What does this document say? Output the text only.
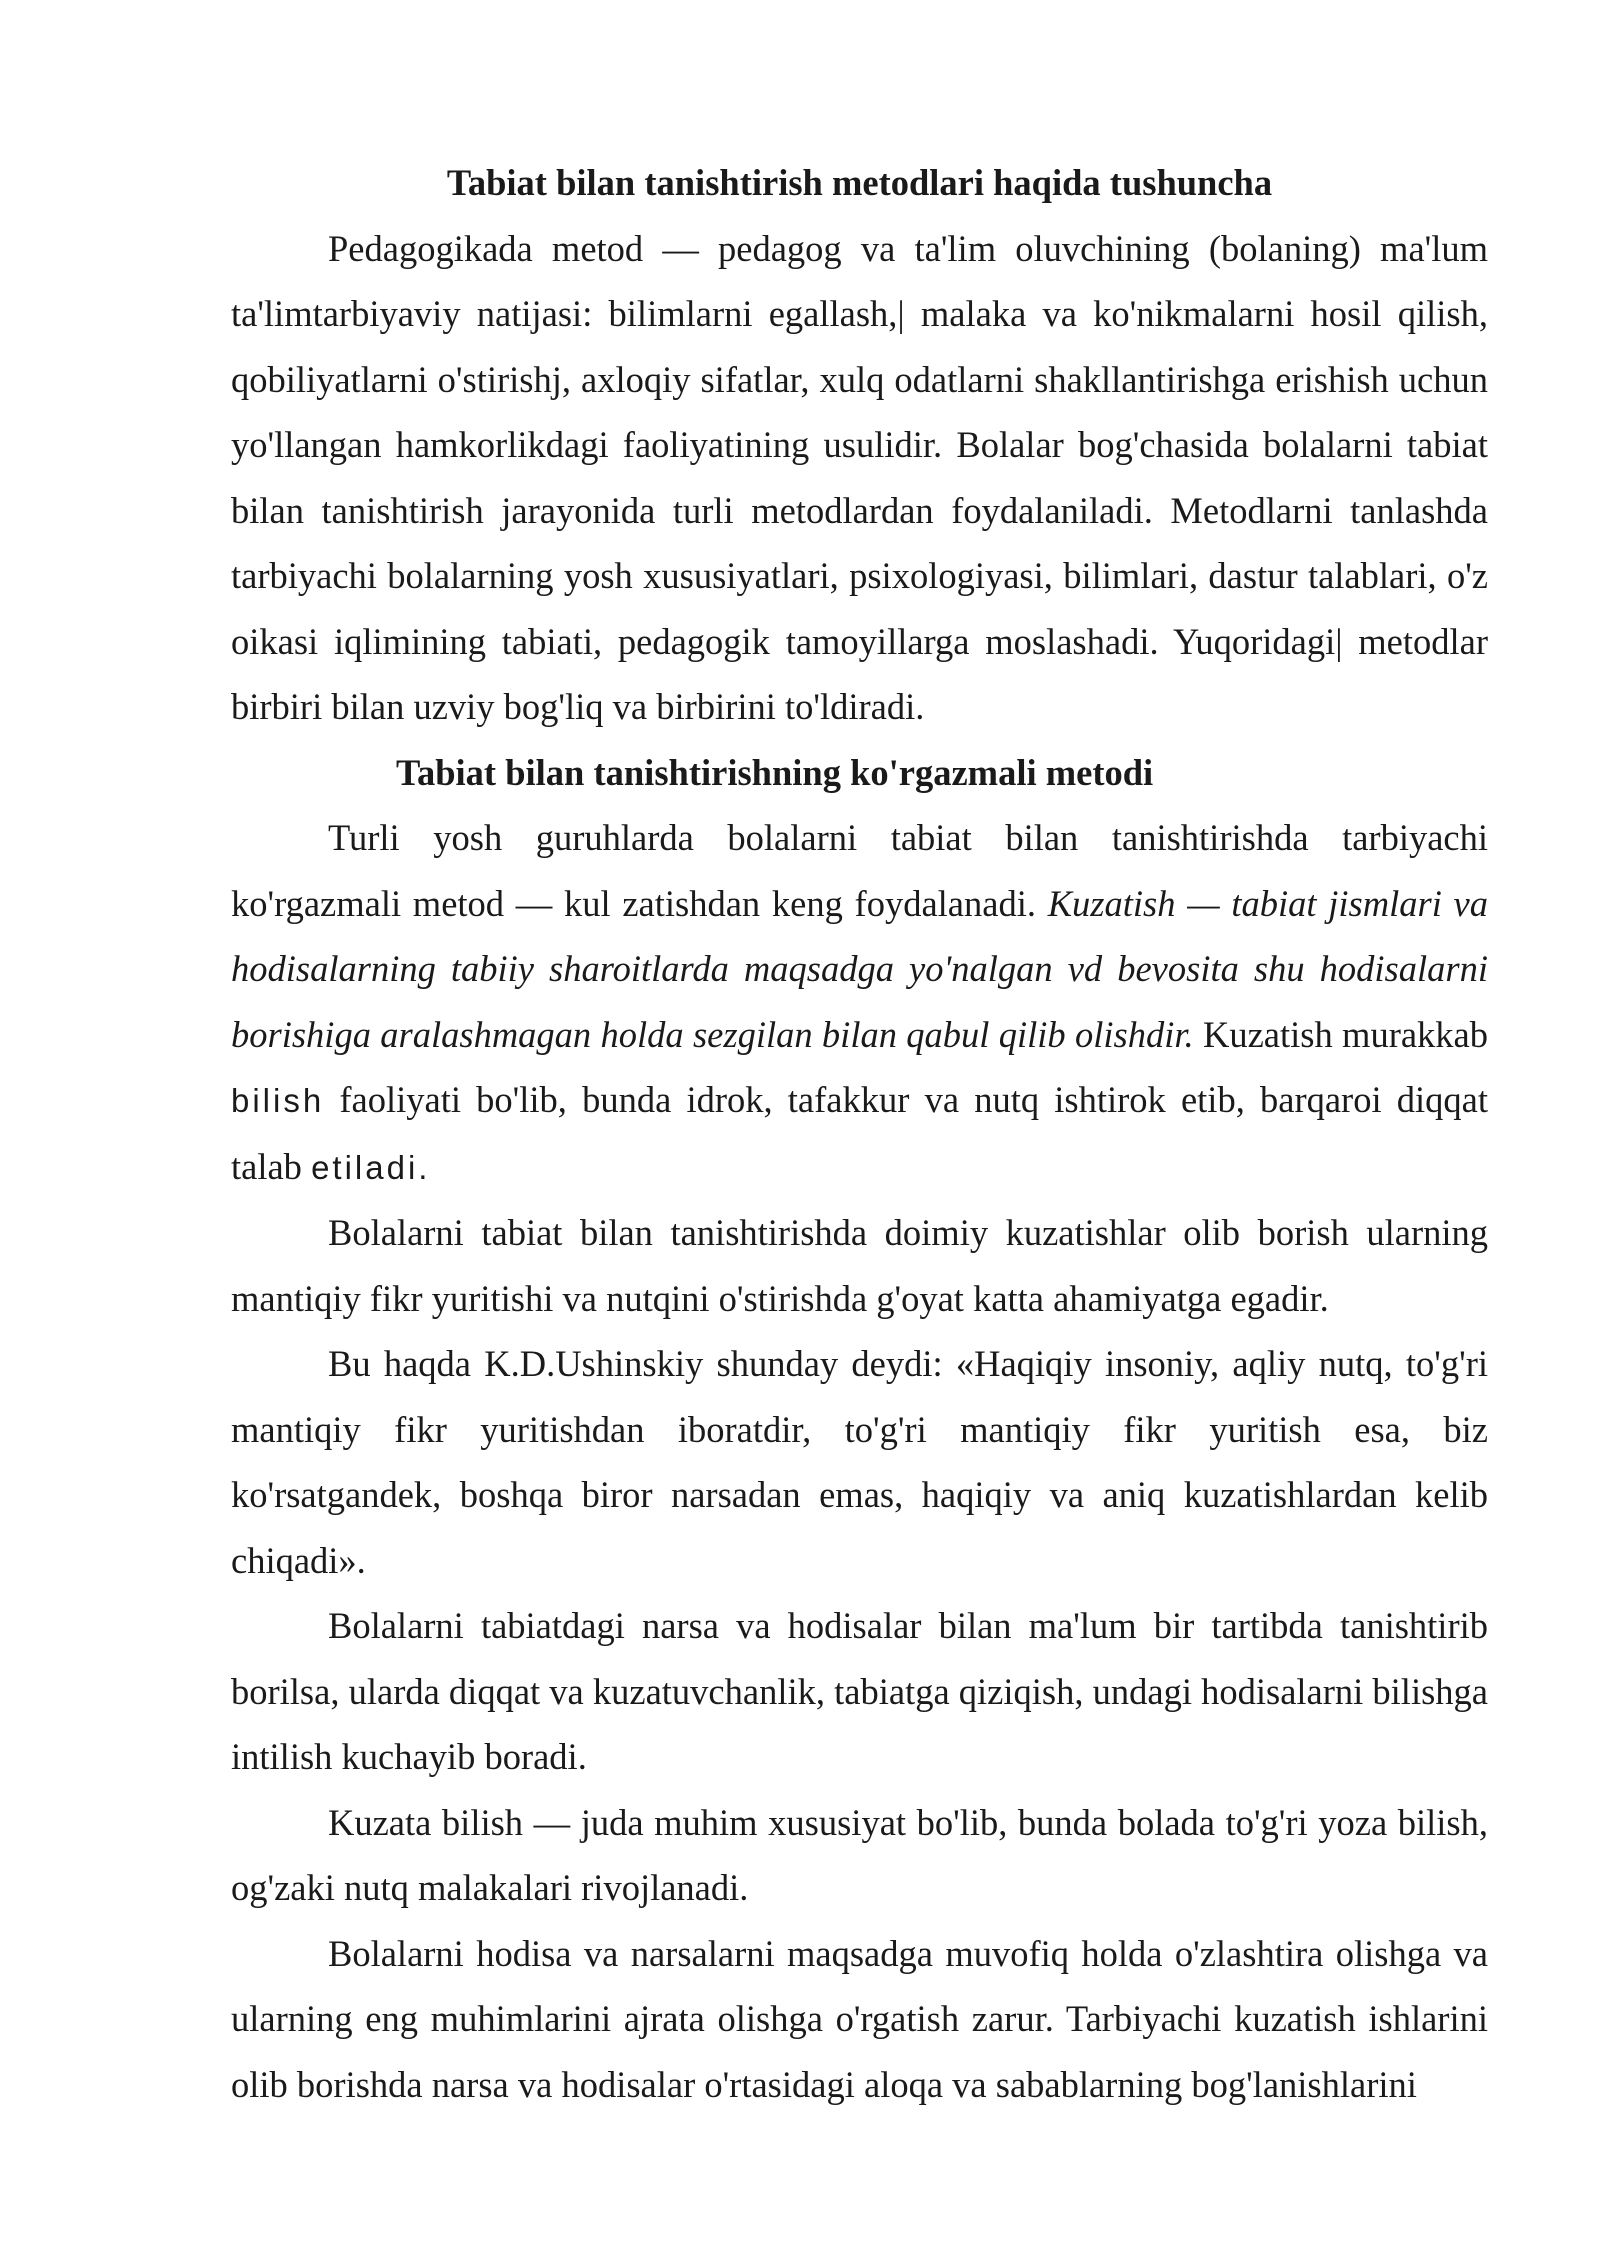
Tabiat bilan tanishtirish metodlari haqida tushuncha

Pedagogikada metod — pedagog va ta'lim oluvchining (bolaning) ma'lum ta'limtarbiyaviy natijasi: bilimlarni egallash,| malaka va ko'nikmalarni hosil qilish, qobiliyatlarni o'stirishj, axloqiy sifatlar, xulq odatlarni shakllantirishga erishish uchun yo'llangan hamkorlikdagi faoliyatining usulidir. Bolalar bog'chasida bolalarni tabiat bilan tanishtirish jarayonida turli metodlardan foydalaniladi. Metodlarni tanlashda tarbiyachi bolalarning yosh xususiyatlari, psixologiyasi, bilimlari, dastur talablari, o'z oikasi iqlimining tabiati, pedagogik tamoyillarga moslashadi. Yuqoridagi| metodlar birbiri bilan uzviy bog'liq va birbirini to'ldiradi.

Tabiat bilan tanishtirishning ko'rgazmali metodi

Turli yosh guruhlarda bolalarni tabiat bilan tanishtirishda tarbiyachi ko'rgazmali metod — kul zatishdan keng foydalanadi. Kuzatish — tabiat jismlari va hodisalarning tabiiy sharoitlarda maqsadga yo'nalgan vd bevosita shu hodisalarni borishiga aralashmagan holda sezgilan bilan qabul qilib olishdir. Kuzatish murakkab bilish faoliyati bo'lib, bunda idrok, tafakkur va nutq ishtirok etib, barqaroi diqqat talab etiladi.

Bolalarni tabiat bilan tanishtirishda doimiy kuzatishlar olib borish ularning mantiqiy fikr yuritishi va nutqini o'stirishda g'oyat katta ahamiyatga egadir.

Bu haqda K.D.Ushinskiy shunday deydi: «Haqiqiy insoniy, aqliy nutq, to'g'ri mantiqiy fikr yuritishdan iboratdir, to'g'ri mantiqiy fikr yuritish esa, biz ko'rsatgandek, boshqa biror narsadan emas, haqiqiy va aniq kuzatishlardan kelib chiqadi».

Bolalarni tabiatdagi narsa va hodisalar bilan ma'lum bir tartibda tanishtirib borilsa, ularda diqqat va kuzatuvchanlik, tabiatga qiziqish, undagi hodisalarni bilishga intilish kuchayib boradi.

Kuzata bilish — juda muhim xususiyat bo'lib, bunda bolada to'g'ri yoza bilish, og'zaki nutq malakalari rivojlanadi.

Bolalarni hodisa va narsalarni maqsadga muvofiq holda o'zlashtira olishga va ularning eng muhimlarini ajrata olishga o'rgatish zarur. Tarbiyachi kuzatish ishlarini olib borishda narsa va hodisalar o'rtasidagi aloqa va sabablarning bog'lanishlarini
